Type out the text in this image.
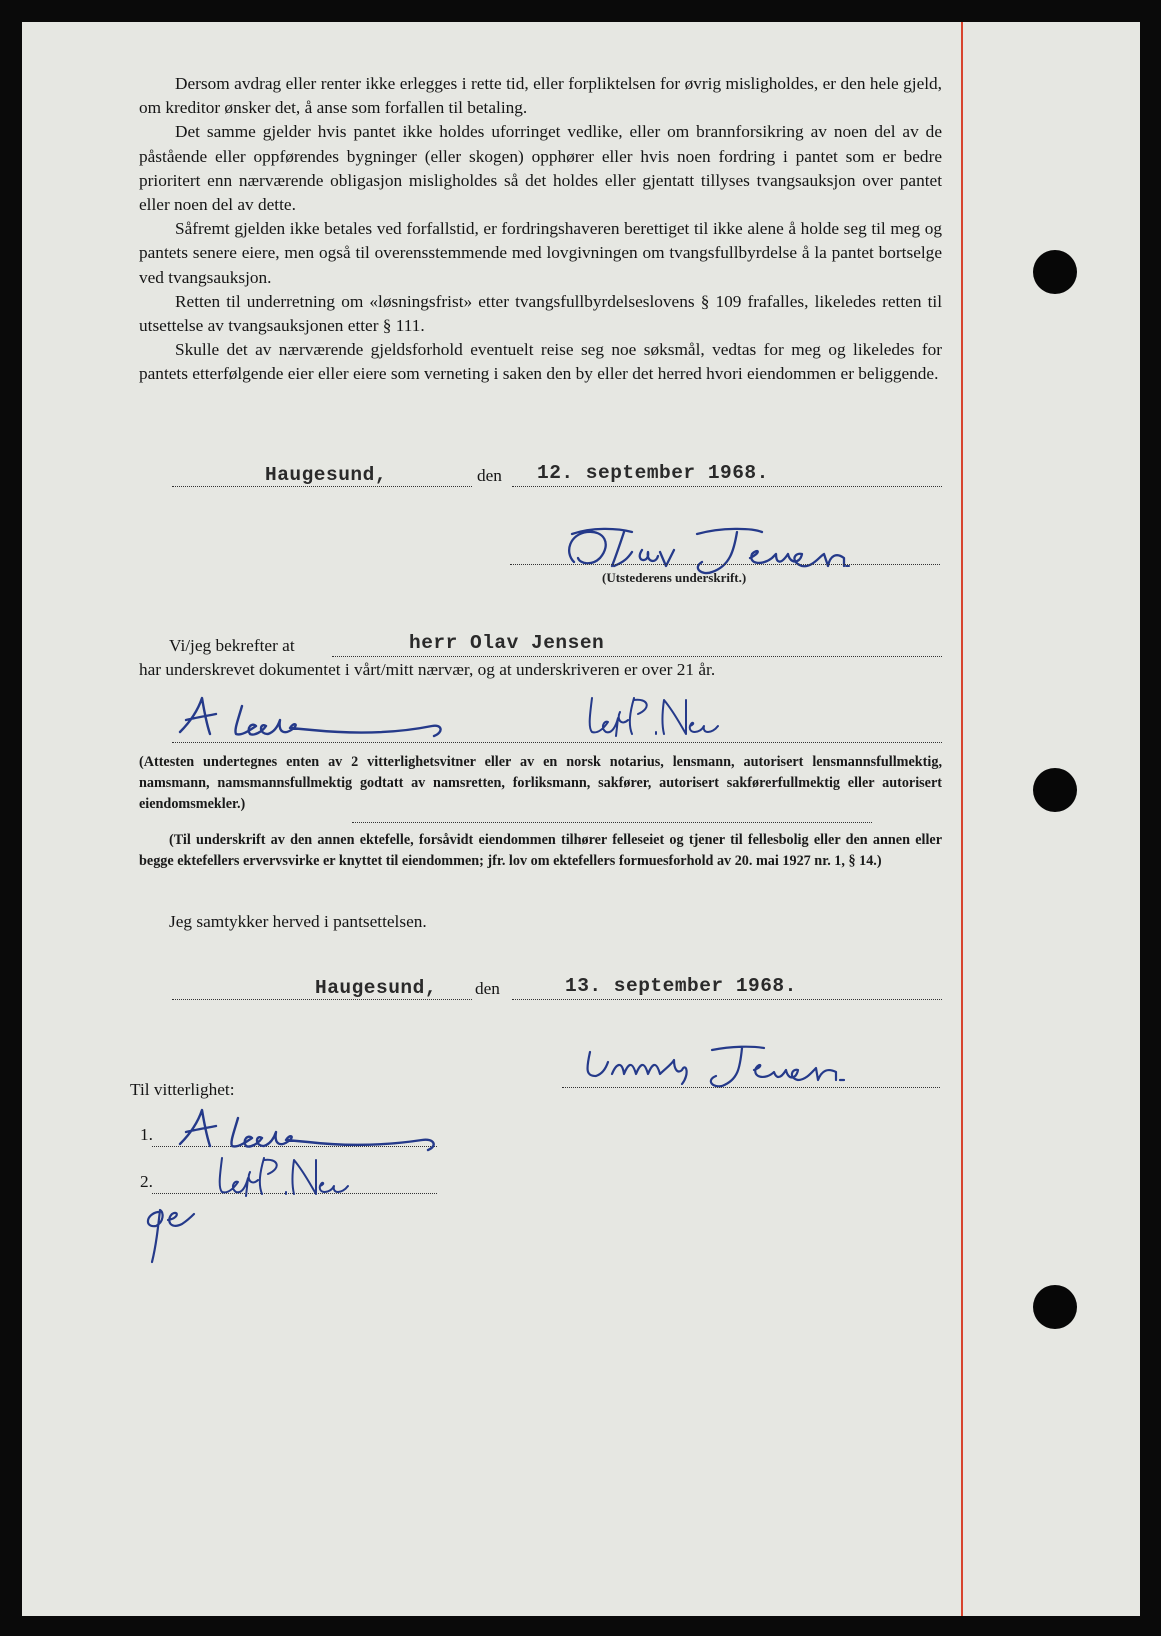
Dersom avdrag eller renter ikke erlegges i rette tid, eller forpliktelsen for øvrig misligholdes, er den hele gjeld, om kreditor ønsker det, å anse som forfallen til betaling.

Det samme gjelder hvis pantet ikke holdes uforringet vedlike, eller om brannforsikring av noen del av de påstående eller oppførendes bygninger (eller skogen) opphører eller hvis noen fordring i pantet som er bedre prioritert enn nærværende obligasjon misligholdes så det holdes eller gjentatt tillyses tvangsauksjon over pantet eller noen del av dette.

Såfremt gjelden ikke betales ved forfallstid, er fordringshaveren berettiget til ikke alene å holde seg til meg og pantets senere eiere, men også til overensstemmende med lovgivningen om tvangsfullbyrdelse å la pantet bortselge ved tvangsauksjon.

Retten til underretning om «løsningsfrist» etter tvangsfullbyrdelseslovens § 109 frafalles, likeledes retten til utsettelse av tvangsauksjonen etter § 111.

Skulle det av nærværende gjeldsforhold eventuelt reise seg noe søksmål, vedtas for meg og likeledes for pantets etterfølgende eier eller eiere som verneting i saken den by eller det herred hvori eiendommen er beliggende.

Haugesund,	den 12. september 1968.
(Utstederens underskrift.)
Vi/jeg bekrefter at	herr Olav Jensen
har underskrevet dokumentet i vårt/mitt nærvær, og at underskriveren er over 21 år.

(Attesten undertegnes enten av 2 vitterlighetsvitner eller av en norsk notarius, lensmann, autorisert lensmannsfullmektig, namsmann, namsmannsfullmektig godtatt av namsretten, forliksmann, sakfører, autorisert sakførerfullmektig eller autorisert eiendomsmekler.)

(Til underskrift av den annen ektefelle, forsåvidt eiendommen tilhører felleseiet og tjener til fellesbolig eller den annen eller begge ektefellers ervervsvirke er knyttet til eiendommen; jfr. lov om ektefellers formuesforhold av 20. mai 1927 nr. 1, § 14.)

Jeg samtykker herved i pantsettelsen.
Haugesund, den	13. september 1968.
Til vitterlighet:
1.
2.
